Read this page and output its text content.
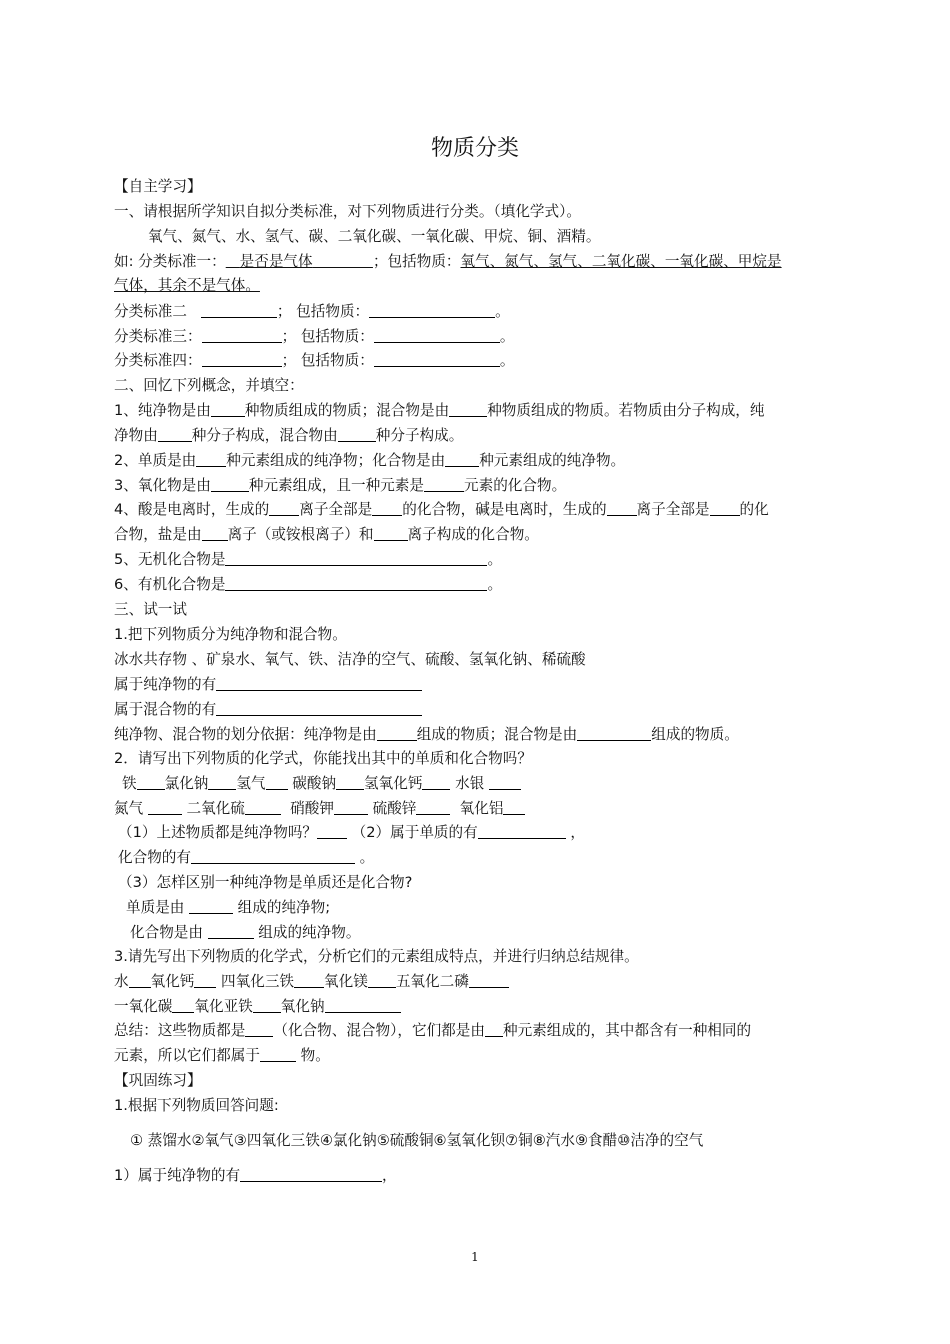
物质分类
【自主学习】
一、请根据所学知识自拟分类标准，对下列物质进行分类。（填化学式）。
氧气、氮气、水、氢气、碳、二氧化碳、一氧化碳、甲烷、铜、酒精。
如: 分类标准一： 是否是气体	；包括物质：氧气、氮气、氢气、二氧化碳、一氧化碳、甲烷是
气体，其余不是气体。
分类标准二	； 包括物质：	。
分类标准三：	； 包括物质：	。
分类标准四：	； 包括物质：	。
二、回忆下列概念，并填空：
1、纯净物是由 种物质组成的物质；混合物是由	种物质组成的物质。若物质由分子构成，纯
净物由 种分子构成，混合物由	种分子构成。
2、单质是由 种元素组成的纯净物；化合物是由 种元素组成的纯净物。
3、氧化物是由	种元素组成，且一种元素是	元素的化合物。
4、酸是电离时，生成的 离子全部是 的化合物，碱是电离时，生成的 离子全部是 的化
合物，盐是由 离子（或铵根离子）和 离子构成的化合物。
5、无机化合物是	。
6、有机化合物是	。
三、试一试
1.把下列物质分为纯净物和混合物。
冰水共存物 、矿泉水、氧气、铁、洁净的空气、硫酸、氢氧化钠、稀硫酸
属于纯净物的有
属于混合物的有
纯净物、混合物的划分依据：纯净物是由	组成的物质；混合物是由	组成的物质。
2．请写出下列物质的化学式，你能找出其中的单质和化合物吗？
铁 氯化钠 氢气 碳酸钠 氢氧化钙 水银
氮气	二氧化硫	硝酸钾	硫酸锌	氧化铝
（1）上述物质都是纯净物吗？ （2）属于单质的有	，
化合物的有	。
（3）怎样区别一种纯净物是单质还是化合物?
单质是由	组成的纯净物;
化合物是由	组成的纯净物。
3.请先写出下列物质的化学式，分析它们的元素组成特点，并进行归纳总结规律。
水 氧化钙 四氧化三铁 氧化镁 五氧化二磷
一氧化碳 氧化亚铁 氧化钠
总结：这些物质都是 （化合物、混合物），它们都是由 种元素组成的，其中都含有一种相同的
元素，所以它们都属于	物。
【巩固练习】
1.根据下列物质回答问题:
① 蒸馏水②氧气③四氧化三铁④氯化钠⑤硫酸铜⑥氢氧化钡⑦铜⑧汽水⑨食醋⑩洁净的空气
1）属于纯净物的有	，
1
